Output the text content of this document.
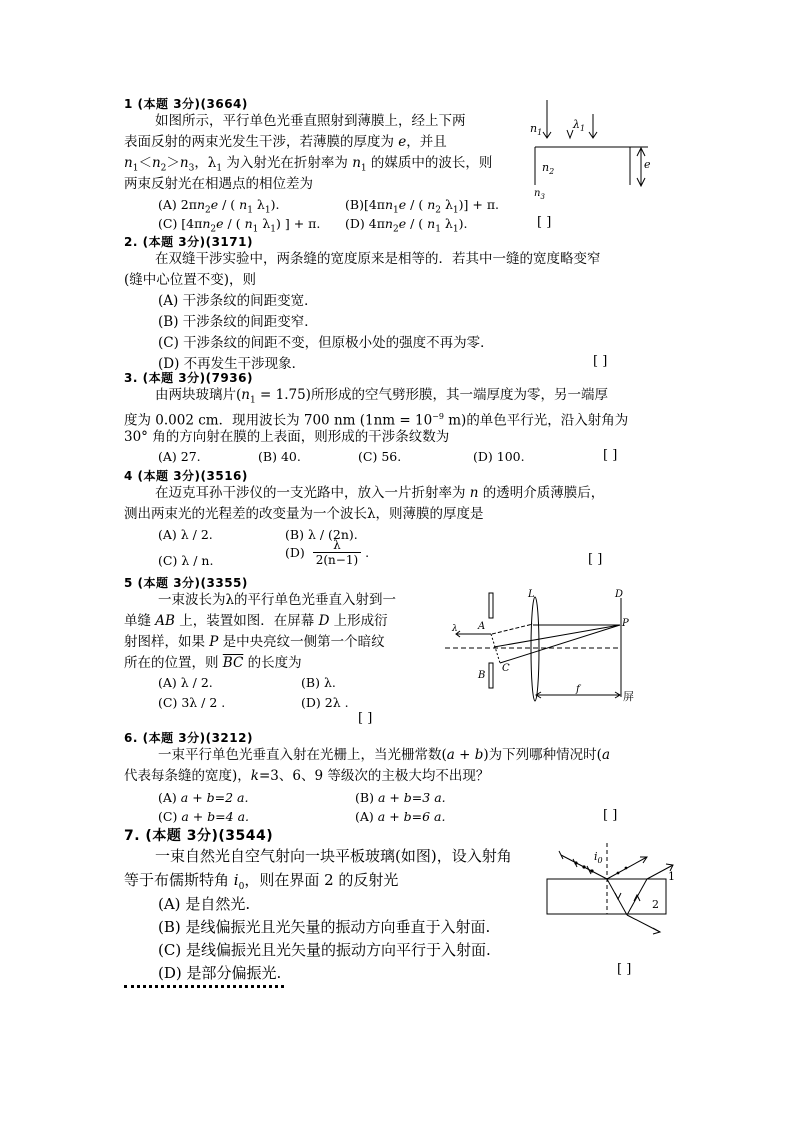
1 (本题 3分)(3664)
如图所示，平行单色光垂直照射到薄膜上，经上下两
表面反射的两束光发生干涉，若薄膜的厚度为 e，并且
$n_1<n_2>n_3$，$\lambda_1$ 为入射光在折射率为 $n_1$ 的媒质中的波长，则
两束反射光在相遇点的相位差为
(A) $2\pi n_2e$ / ( $n_1$ $\lambda_1$).	$(B)[4\pi n_1e$ / ( $n_2$ $\lambda_1)] + \pi$.
(C) [$4\pi n_2e$ / ( $n_1$ $\lambda_1$) ] + π. (D) $4\pi n_2e$ / ( $n_1$ $\lambda_1$).	[ ]
$n_1$
$\lambda_1$
$n_2$
$n_3$
e
2. (本题 3分)(3171)
在双缝干涉实验中，两条缝的宽度原来是相等的．若其中一缝的宽度略变窄
(缝中心位置不变)，则
(A) 干涉条纹的间距变宽．
(B) 干涉条纹的间距变窄．
(C) 干涉条纹的间距不变，但原极小处的强度不再为零．
(D) 不再发生干涉现象．	[ ]
3. (本题 3分)(7936)
由两块玻璃片$(n_1 = 1.75)$所形成的空气劈形膜，其一端厚度为零，另一端厚
度为 0.002 cm．现用波长为 700 nm ($1nm = 10^{-9}$ m)的单色平行光，沿入射角为
30° 角的方向射在膜的上表面，则形成的干涉条纹数为
(A) 27.	(B) 40.	(C) 56.	(D) 100.	[ ]
4 (本题 3分)(3516)
在迈克耳孙干涉仪的一支光路中，放入一片折射率为 n 的透明介质薄膜后，
测出两束光的光程差的改变量为一个波长λ，则薄膜的厚度是
(A) λ / 2.	(B) λ / (2n).
(C) λ / n.
$(D) \frac{\lambda}{2(n-1)}$ .	[ ]
5 (本题 3分)(3355)
一束波长为λ的平行单色光垂直入射到一
单缝 AB 上，装置如图．在屏幕 D 上形成衍
射图样，如果 P 是中央亮纹一侧第一个暗纹
所在的位置，则 $\overline{BC}$ 的长度为
(A) λ / 2.	(B) λ.
(C) 3λ / 2 .	(D) 2λ .
[ ]
L	D
A	P
C
B
f
λ
屏
6. (本题 3分)(3212)
一束平行单色光垂直入射在光栅上，当光栅常数(a + b)为下列哪种情况时(a
代表每条缝的宽度)，k=3、6、9 等级次的主极大均不出现？
(A) a + b=2 a.	(B) a + b=3 a.
(C) a + b=4 a.	(A) a + b=6 a.	[ ]
7. (本题 3分)(3544)
一束自然光自空气射向一块平板玻璃(如图)，设入射角
等于布儒斯特角 $i_0$，则在界面 2 的反射光
(A) 是自然光.
(B) 是线偏振光且光矢量的振动方向垂直于入射面.
(C) 是线偏振光且光矢量的振动方向平行于入射面.
(D) 是部分偏振光.	[ ]
$i_0$
1
2
